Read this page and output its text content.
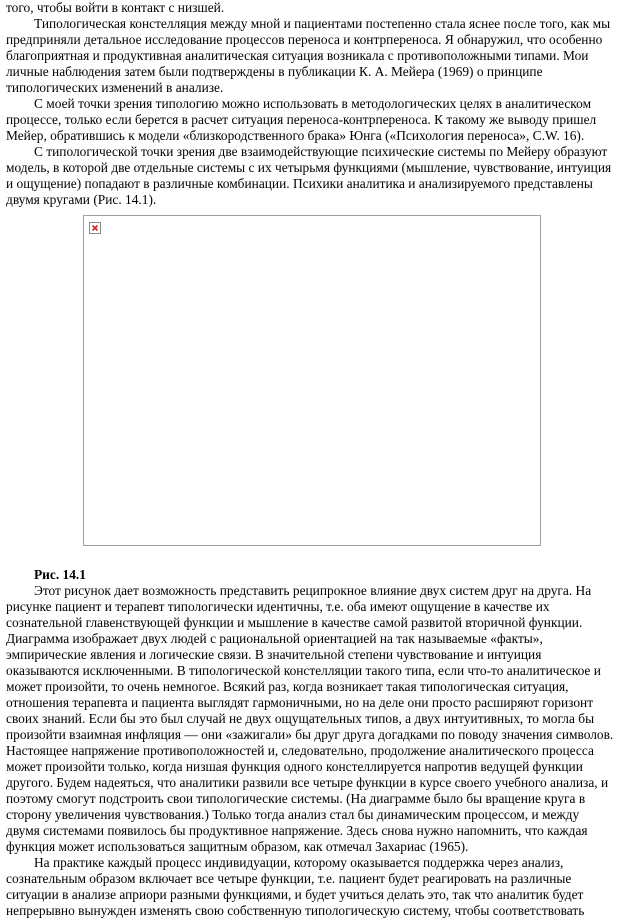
того, чтобы войти в контакт с низшей.

Типологическая констелляция между мной и пациентами постепенно стала яснее после того, как мы предприняли детальное исследование процессов переноса и контрпереноса. Я обнаружил, что особенно благоприятная и продуктивная аналитическая ситуация возникала с противоположными типами. Мои личные наблюдения затем были подтверждены в публикации К. А. Мейера (1969) о принципе типологических изменений в анализе.

С моей точки зрения типологию можно использовать в методологических целях в аналитическом процессе, только если берется в расчет ситуация переноса-контрпереноса. К такому же выводу пришел Мейер, обратившись к модели «близкородственного брака» Юнга («Психология переноса», C.W. 16).

С типологической точки зрения две взаимодействующие психические системы по Мейеру образуют модель, в которой две отдельные системы с их четырьмя функциями (мышление, чувствование, интуиция и ощущение) попадают в различные комбинации. Психики аналитика и анализируемого представлены двумя кругами (Рис. 14.1).

Рис. 14.1

Этот рисунок дает возможность представить реципрокное влияние двух систем друг на друга. На рисунке пациент и терапевт типологически идентичны, т.е. оба имеют ощущение в качестве их сознательной главенствующей функции и мышление в качестве самой развитой вторичной функции. Диаграмма изображает двух людей с рациональной ориентацией на так называемые «факты», эмпирические явления и логические связи. В значительной степени чувствование и интуиция оказываются исключенными. В типологической констелляции такого типа, если что-то аналитическое и может произойти, то очень немногое. Всякий раз, когда возникает такая типологическая ситуация, отношения терапевта и пациента выглядят гармоничными, но на деле они просто расширяют горизонт своих знаний. Если бы это был случай не двух ощущательных типов, а двух интуитивных, то могла бы произойти взаимная инфляция — они «зажигали» бы друг друга догадками по поводу значения символов. Настоящее напряжение противоположностей и, следовательно, продолжение аналитического процесса может произойти только, когда низшая функция одного констеллируется напротив ведущей функции другого. Будем надеяться, что аналитики развили все четыре функции в курсе своего учебного анализа, и поэтому смогут подстроить свои типологические системы. (На диаграмме было бы вращение круга в сторону увеличения чувствования.) Только тогда анализ стал бы динамическим процессом, и между двумя системами появилось бы продуктивное напряжение. Здесь снова нужно напомнить, что каждая функция может использоваться защитным образом, как отмечал Захариас (1965).

На практике каждый процесс индивидуации, которому оказывается поддержка через анализ, сознательным образом включает все четыре функции, т.е. пациент будет реагировать на различные ситуации в анализе априори разными функциями, и будет учиться делать это, так что аналитик будет непрерывно вынужден изменять свою собственную типологическую систему, чтобы соответствовать
